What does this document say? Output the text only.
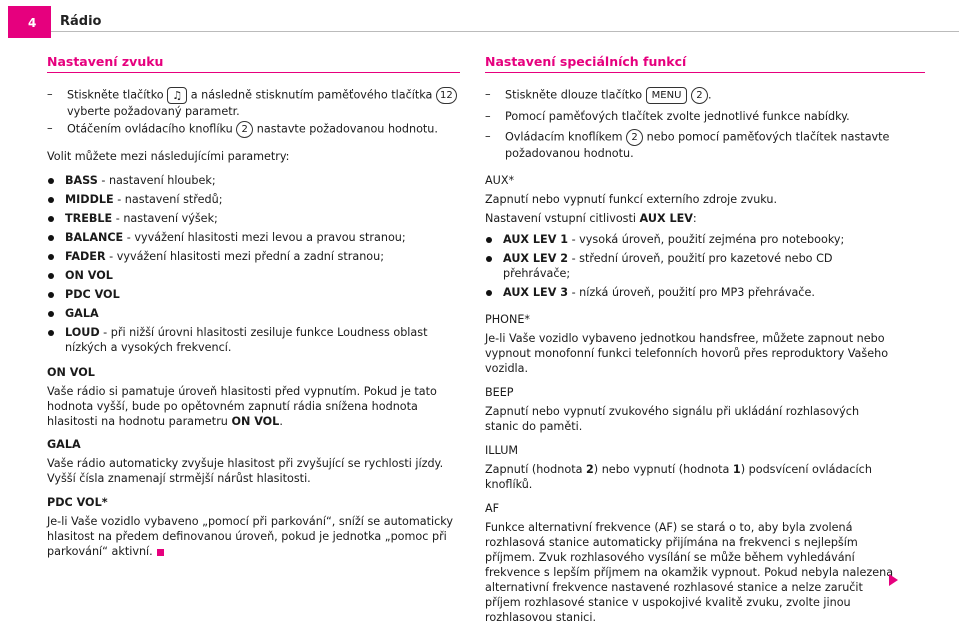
4	Rádio
Nastavení zvuku
– Stiskněte tlačítko ♫ a následně stisknutím paměťového tlačítka 12
vyberte požadovaný parametr.
– Otáčením ovládacího knoflíku 2 nastavte požadovanou hodnotu.
Volit můžete mezi následujícími parametry:
BASS - nastavení hloubek;
MIDDLE - nastavení středů;
TREBLE - nastavení výšek;
BALANCE - vyvážení hlasitosti mezi levou a pravou stranou;
FADER - vyvážení hlasitosti mezi přední a zadní stranou;
ON VOL
PDC VOL
GALA
LOUD - při nižší úrovni hlasitosti zesiluje funkce Loudness oblast nízkých a vysokých frekvencí.
ON VOL
Vaše rádio si pamatuje úroveň hlasitosti před vypnutím. Pokud je tato hodnota vyšší, bude po opětovném zapnutí rádia snížena hodnota hlasitosti na hodnotu parametru ON VOL.
GALA
Vaše rádio automaticky zvyšuje hlasitost při zvyšující se rychlosti jízdy. Vyšší čísla znamenají strmější nárůst hlasitosti.
PDC VOL*
Je-li Vaše vozidlo vybaveno „pomocí při parkování“, sníží se automaticky hlasitost na předem definovanou úroveň, pokud je jednotka „pomoc při parkování“ aktivní.
Nastavení speciálních funkcí
– Stiskněte dlouze tlačítko MENU 2 .
– Pomocí paměťových tlačítek zvolte jednotlivé funkce nabídky.
– Ovládacím knoflíkem 2 nebo pomocí paměťových tlačítek nastavte
požadovanou hodnotu.
AUX*
Zapnutí nebo vypnutí funkcí externího zdroje zvuku.
Nastavení vstupní citlivosti AUX LEV:
AUX LEV 1 - vysoká úroveň, použití zejména pro notebooky;
AUX LEV 2 - střední úroveň, použití pro kazetové nebo CD přehrávače;
AUX LEV 3 - nízká úroveň, použití pro MP3 přehrávače.
PHONE*
Je-li Vaše vozidlo vybaveno jednotkou handsfree, můžete zapnout nebo vypnout monofonní funkci telefonních hovorů přes reproduktory Vašeho vozidla.
BEEP
Zapnutí nebo vypnutí zvukového signálu při ukládání rozhlasových stanic do paměti.
ILLUM
Zapnutí (hodnota 2) nebo vypnutí (hodnota 1) podsvícení ovládacích knoflíků.
AF
Funkce alternativní frekvence (AF) se stará o to, aby byla zvolená rozhlasová stanice automaticky přijímána na frekvenci s nejlepším příjmem. Zvuk rozhlasového vysílání se může během vyhledávání frekvence s lepším příjmem na okamžik vypnout. Pokud nebyla nalezena alternativní frekvence nastavené rozhlasové stanice a nelze zaručit příjem rozhlasové stanice v uspokojivé kvalitě zvuku, zvolte jinou rozhlasovou stanici.
